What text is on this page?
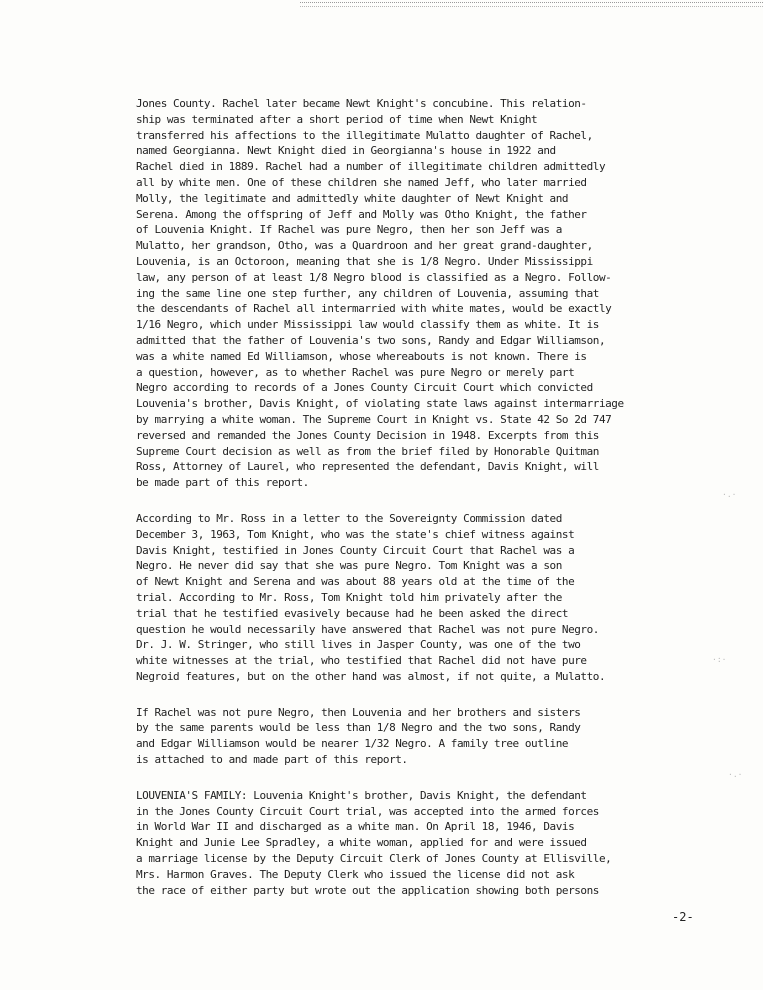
Jones County. Rachel later became Newt Knight's concubine. This relation-
ship was terminated after a short period of time when Newt Knight
transferred his affections to the illegitimate Mulatto daughter of Rachel,
named Georgianna. Newt Knight died in Georgianna's house in 1922 and
Rachel died in 1889. Rachel had a number of illegitimate children admittedly
all by white men. One of these children she named Jeff, who later married
Molly, the legitimate and admittedly white daughter of Newt Knight and
Serena. Among the offspring of Jeff and Molly was Otho Knight, the father
of Louvenia Knight. If Rachel was pure Negro, then her son Jeff was a
Mulatto, her grandson, Otho, was a Quardroon and her great grand-daughter,
Louvenia, is an Octoroon, meaning that she is 1/8 Negro. Under Mississippi
law, any person of at least 1/8 Negro blood is classified as a Negro. Follow-
ing the same line one step further, any children of Louvenia, assuming that
the descendants of Rachel all intermarried with white mates, would be exactly
1/16 Negro, which under Mississippi law would classify them as white. It is
admitted that the father of Louvenia's two sons, Randy and Edgar Williamson,
was a white named Ed Williamson, whose whereabouts is not known. There is
a question, however, as to whether Rachel was pure Negro or merely part
Negro according to records of a Jones County Circuit Court which convicted
Louvenia's brother, Davis Knight, of violating state laws against intermarriage
by marrying a white woman. The Supreme Court in Knight vs. State 42 So 2d 747
reversed and remanded the Jones County Decision in 1948. Excerpts from this
Supreme Court decision as well as from the brief filed by Honorable Quitman
Ross, Attorney of Laurel, who represented the defendant, Davis Knight, will
be made part of this report.
According to Mr. Ross in a letter to the Sovereignty Commission dated
December 3, 1963, Tom Knight, who was the state's chief witness against
Davis Knight, testified in Jones County Circuit Court that Rachel was a
Negro. He never did say that she was pure Negro. Tom Knight was a son
of Newt Knight and Serena and was about 88 years old at the time of the
trial. According to Mr. Ross, Tom Knight told him privately after the
trial that he testified evasively because had he been asked the direct
question he would necessarily have answered that Rachel was not pure Negro.
Dr. J. W. Stringer, who still lives in Jasper County, was one of the two
white witnesses at the trial, who testified that Rachel did not have pure
Negroid features, but on the other hand was almost, if not quite, a Mulatto.
If Rachel was not pure Negro, then Louvenia and her brothers and sisters
by the same parents would be less than 1/8 Negro and the two sons, Randy
and Edgar Williamson would be nearer 1/32 Negro. A family tree outline
is attached to and made part of this report.
LOUVENIA'S FAMILY: Louvenia Knight's brother, Davis Knight, the defendant
in the Jones County Circuit Court trial, was accepted into the armed forces
in World War II and discharged as a white man. On April 18, 1946, Davis
Knight and Junie Lee Spradley, a white woman, applied for and were issued
a marriage license by the Deputy Circuit Clerk of Jones County at Ellisville,
Mrs. Harmon Graves. The Deputy Clerk who issued the license did not ask
the race of either party but wrote out the application showing both persons
-2-
·.·
·:·
·.·
